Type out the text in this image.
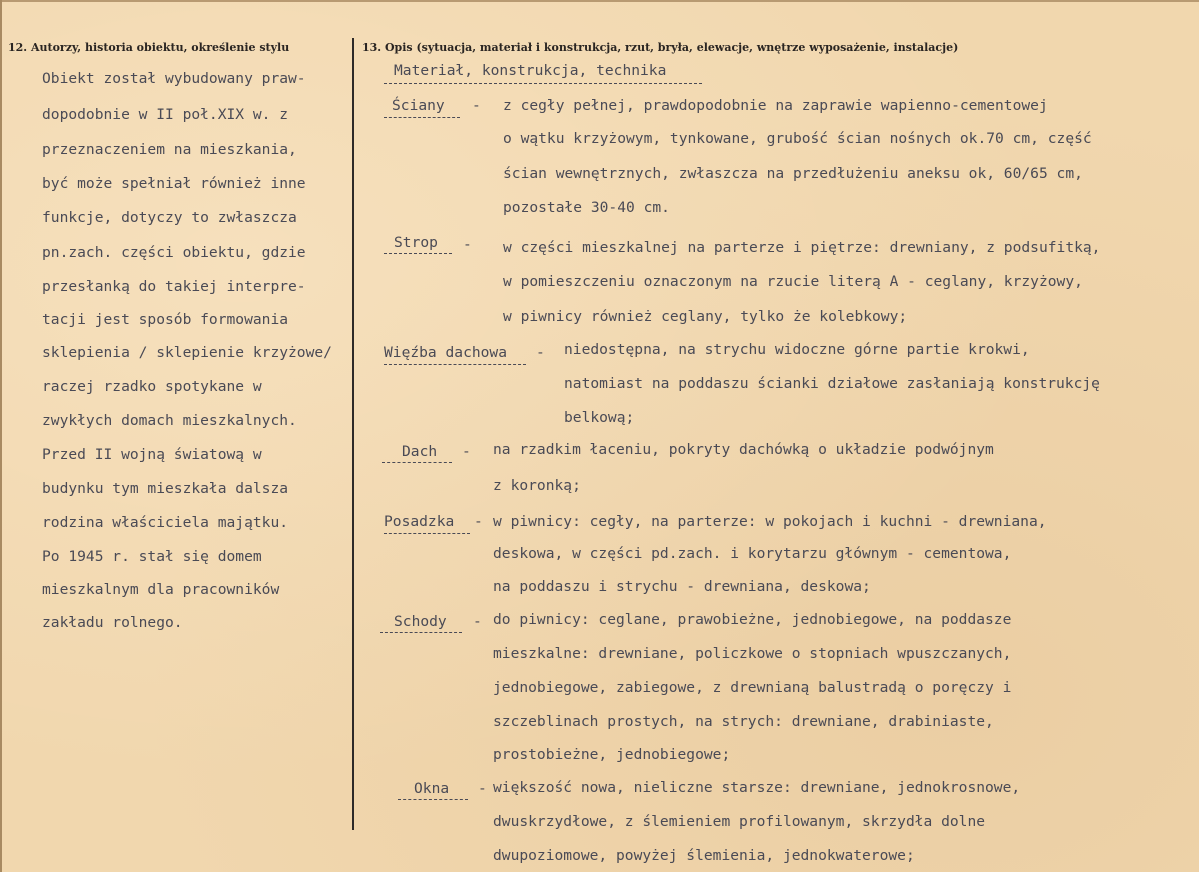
12. Autorzy, historia obiektu, określenie stylu	13. Opis (sytuacja, materiał i konstrukcja, rzut, bryła, elewacje, wnętrze wyposażenie, instalacje)
Obiekt został wybudowany praw-
dopodobnie w II poł.XIX w. z
przeznaczeniem na mieszkania,
być może spełniał również inne
funkcje, dotyczy to zwłaszcza
pn.zach. części obiektu, gdzie
przesłanką do takiej interpre-
tacji jest sposób formowania
sklepienia / sklepienie krzyżowe/
raczej rzadko spotykane w
zwykłych domach mieszkalnych.
Przed II wojną światową w
budynku tym mieszkała dalsza
rodzina właściciela majątku.
Po 1945 r. stał się domem
mieszkalnym dla pracowników
zakładu rolnego.
Materiał, konstrukcja, technika
Ściany - z cegły pełnej, prawdopodobnie na zaprawie wapienno-cementowej
o wątku krzyżowym, tynkowane, grubość ścian nośnych ok.70 cm, część
ścian wewnętrznych, zwłaszcza na przedłużeniu aneksu ok, 60/65 cm,
pozostałe 30-40 cm.
Strop - w części mieszkalnej na parterze i piętrze: drewniany, z podsufitką,
w pomieszczeniu oznaczonym na rzucie literą A - ceglany, krzyżowy,
w piwnicy również ceglany, tylko że kolebkowy;
Więźba dachowa - niedostępna, na strychu widoczne górne partie krokwi,
natomiast na poddaszu ścianki działowe zasłaniają konstrukcję
belkową;
Dach - na rzadkim łaceniu, pokryty dachówką o układzie podwójnym
z koronką;
Posadzka - w piwnicy: cegły, na parterze: w pokojach i kuchni - drewniana,
deskowa, w części pd.zach. i korytarzu głównym - cementowa,
na poddaszu i strychu - drewniana, deskowa;
Schody - do piwnicy: ceglane, prawobieżne, jednobiegowe, na poddasze
mieszkalne: drewniane, policzkowe o stopniach wpuszczanych,
jednobiegowe, zabiegowe, z drewnianą balustradą o poręczy i
szczeblinach prostych, na strych: drewniane, drabiniaste,
prostobieżne, jednobiegowe;
Okna - większość nowa, nieliczne starsze: drewniane, jednokrosnowe,
dwuskrzydłowe, z ślemieniem profilowanym, skrzydła dolne
dwupoziomowe, powyżej ślemienia, jednokwaterowe;
